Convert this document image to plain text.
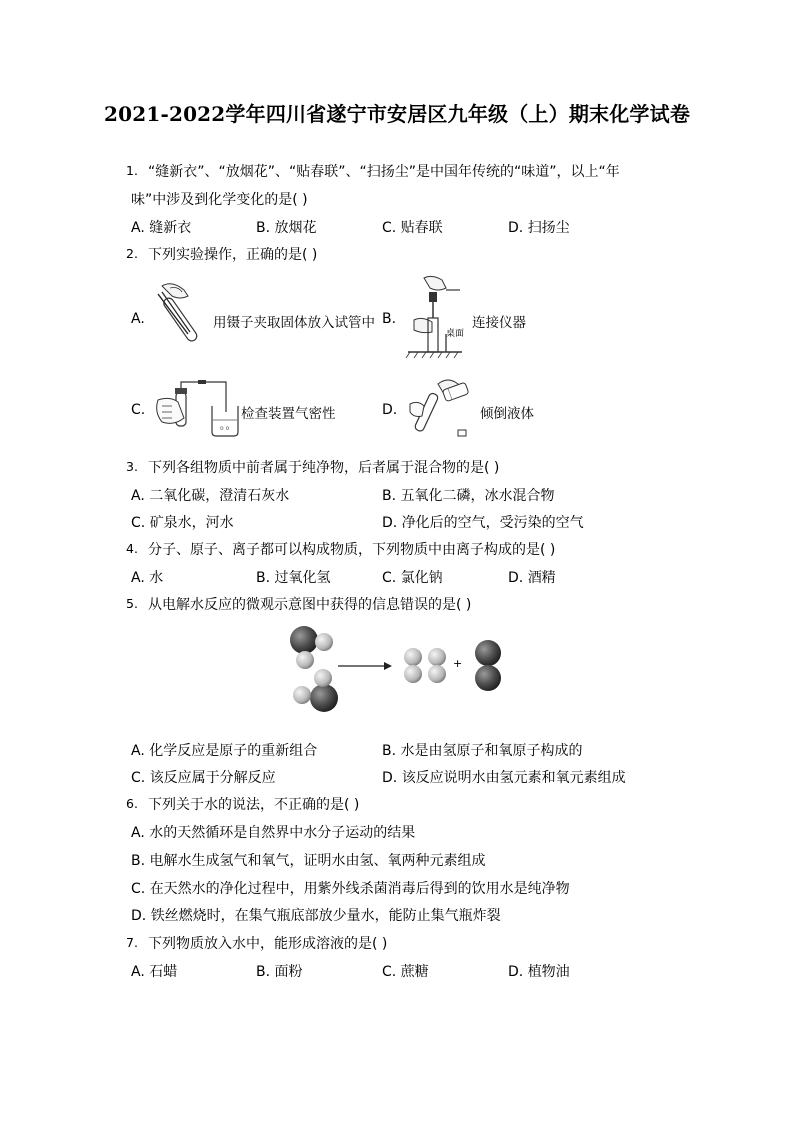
2021-2022学年四川省遂宁市安居区九年级（上）期末化学试卷
1. “缝新衣”、“放烟花”、“贴春联”、“扫扬尘”是中国年传统的“味道”，以上“年
味”中涉及到化学变化的是( )
A. 缝新衣	B. 放烟花	C. 贴春联	D. 扫扬尘
2. 下列实验操作，正确的是( )
A.	用镊子夹取固体放入试管中 B.
桌面
连接仪器
C.
o o
检查装置气密性	D.	倾倒液体
3. 下列各组物质中前者属于纯净物，后者属于混合物的是( )
A. 二氧化碳，澄清石灰水	B. 五氧化二磷，冰水混合物
C. 矿泉水，河水	D. 净化后的空气，受污染的空气
4. 分子、原子、离子都可以构成物质，下列物质中由离子构成的是( )
A. 水	B. 过氧化氢	C. 氯化钠	D. 酒精
5. 从电解水反应的微观示意图中获得的信息错误的是( )
+
A. 化学反应是原子的重新组合	B. 水是由氢原子和氧原子构成的
C. 该反应属于分解反应	D. 该反应说明水由氢元素和氧元素组成
6. 下列关于水的说法，不正确的是( )
A. 水的天然循环是自然界中水分子运动的结果
B. 电解水生成氢气和氧气，证明水由氢、氧两种元素组成
C. 在天然水的净化过程中，用紫外线杀菌消毒后得到的饮用水是纯净物
D. 铁丝燃烧时，在集气瓶底部放少量水，能防止集气瓶炸裂
7. 下列物质放入水中，能形成溶液的是( )
A. 石蜡	B. 面粉	C. 蔗糖	D. 植物油
